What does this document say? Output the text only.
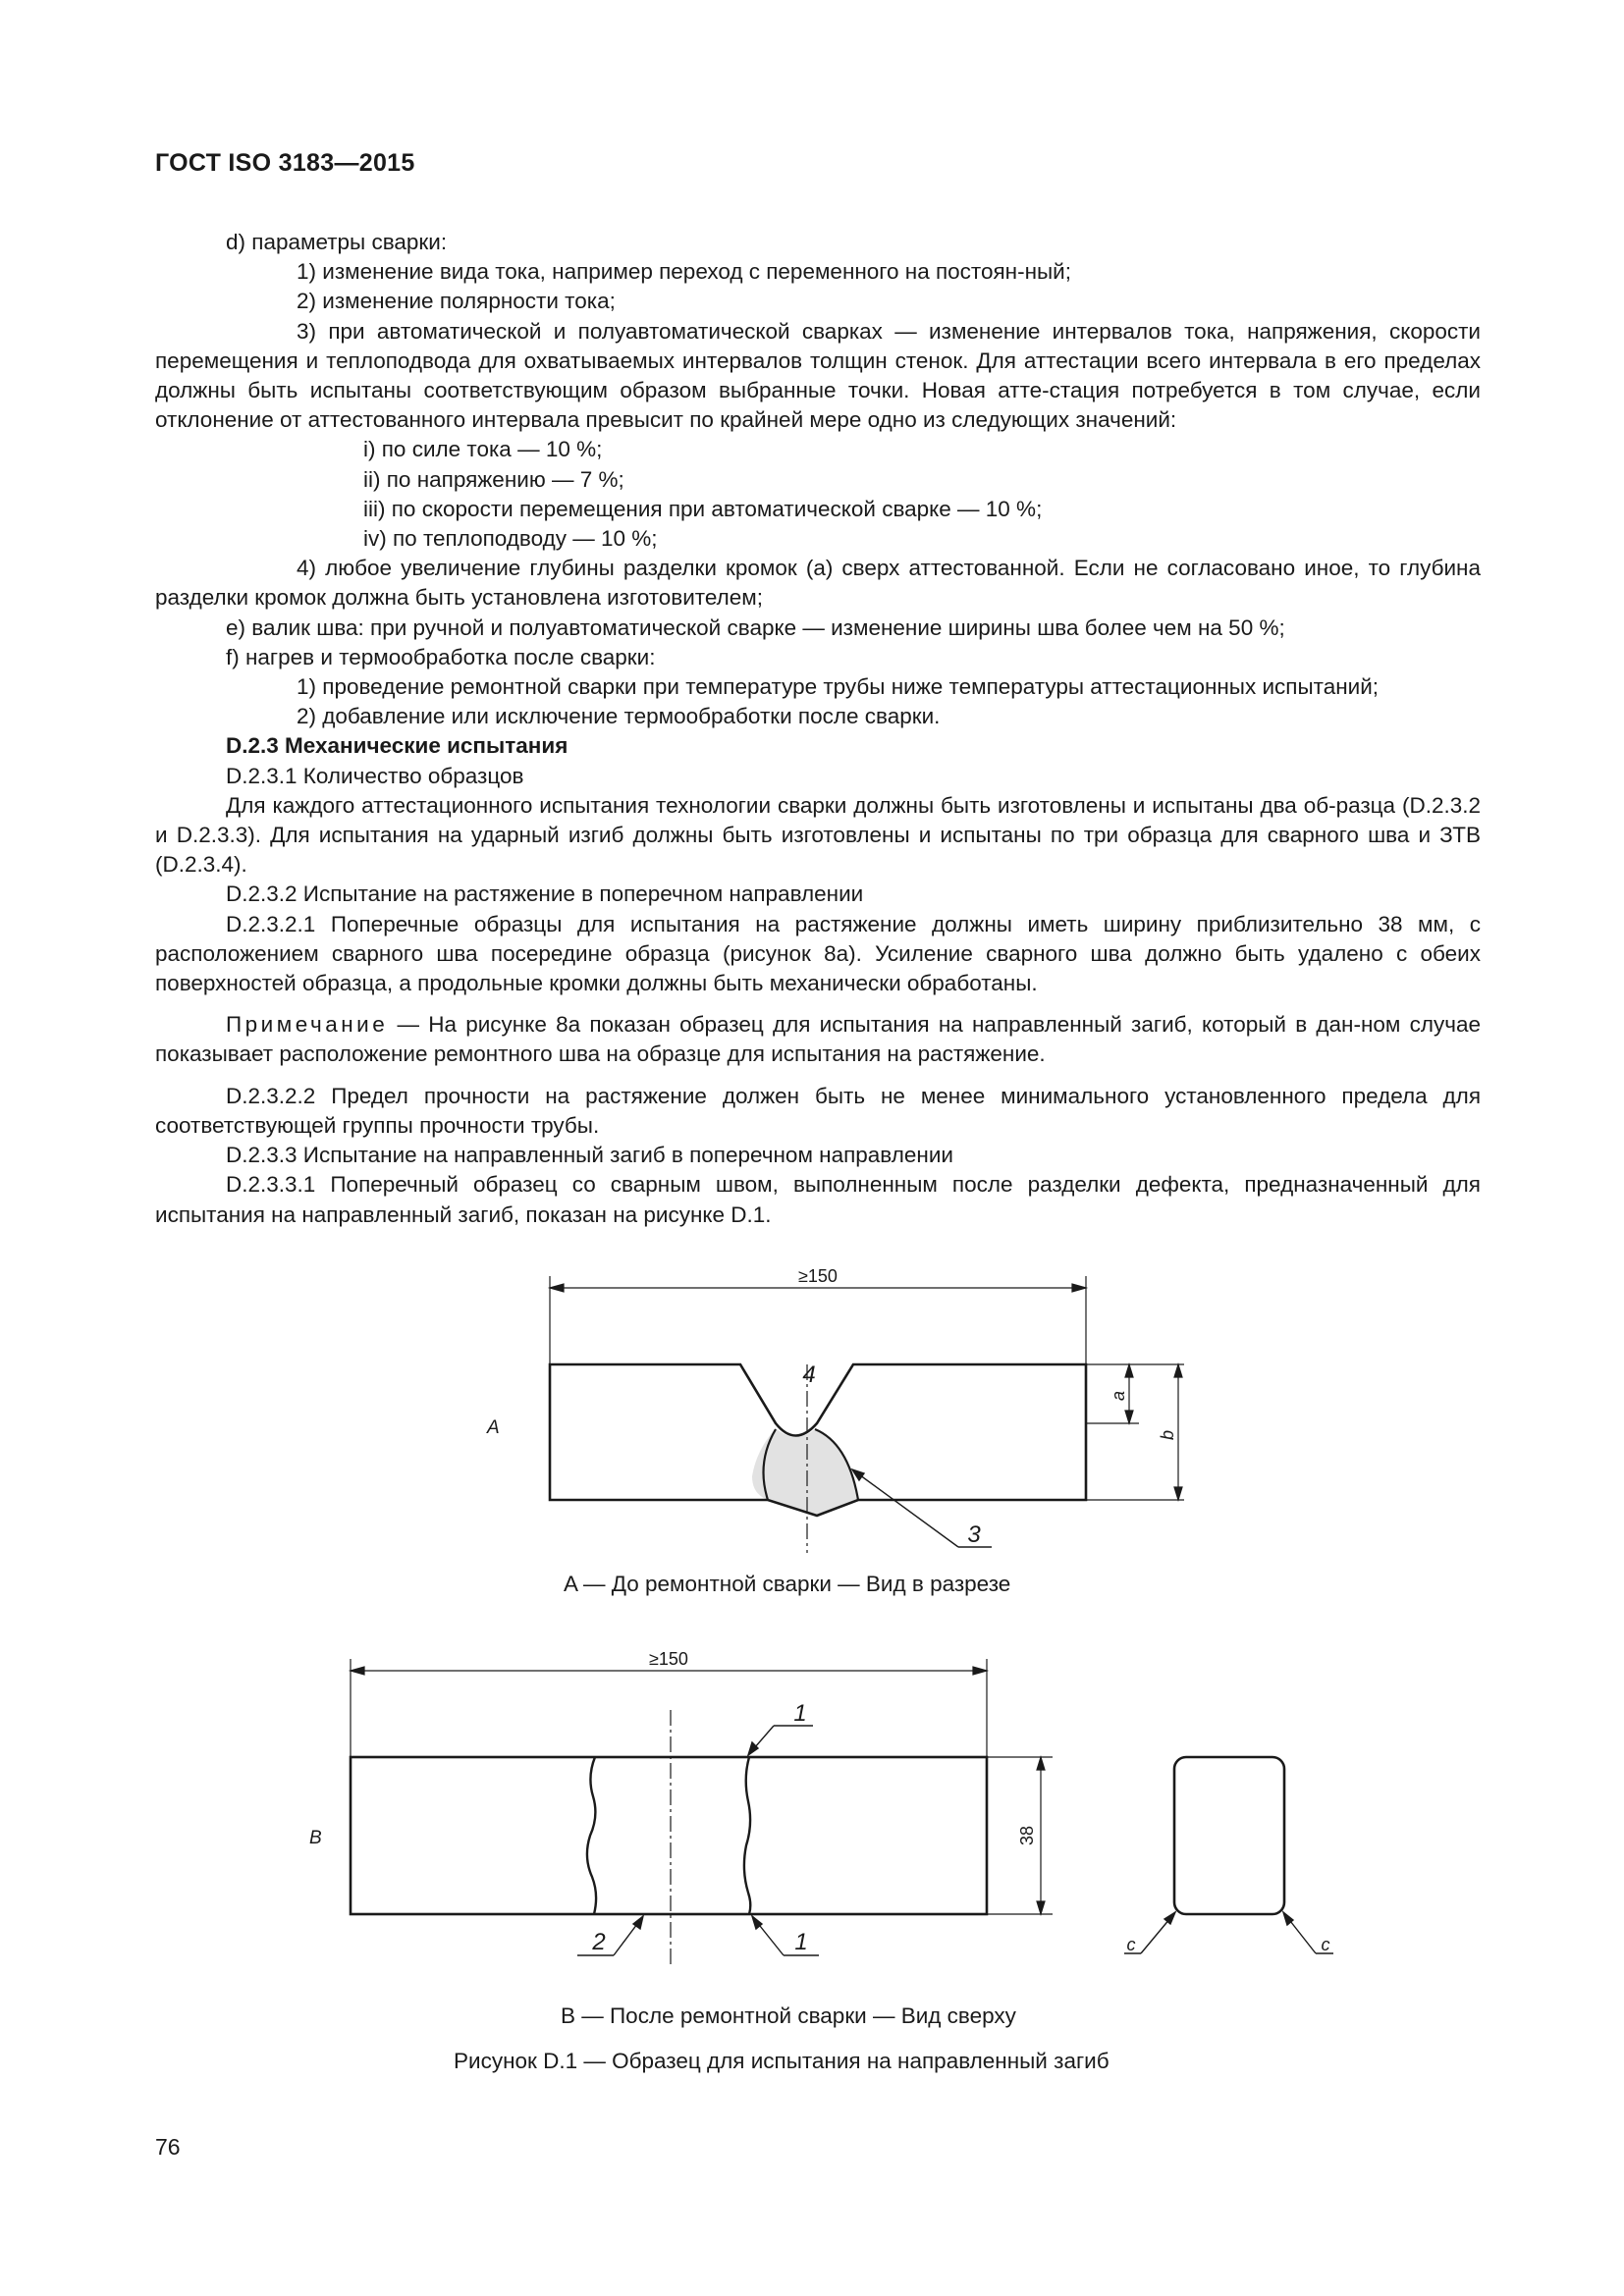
ГОСТ ISO 3183—2015

d) параметры сварки:

1) изменение вида тока, например переход с переменного на постоян-ный;

2) изменение полярности тока;

3) при автоматической и полуавтоматической сварках — изменение интервалов тока, напряжения, скорости перемещения и теплоподвода для охватываемых интервалов толщин стенок. Для аттестации всего интервала в его пределах должны быть испытаны соответствующим образом выбранные точки. Новая атте-стация потребуется в том случае, если отклонение от аттестованного интервала превысит по крайней мере одно из следующих значений:

i) по силе тока — 10 %;

ii) по напряжению — 7 %;

iii) по скорости перемещения при автоматической сварке — 10 %;

iv) по теплоподводу — 10 %;

4) любое увеличение глубины разделки кромок (a) сверх аттестованной. Если не согласовано иное, то глубина разделки кромок должна быть установлена изготовителем;

e) валик шва: при ручной и полуавтоматической сварке — изменение ширины шва более чем на 50 %;

f) нагрев и термообработка после сварки:

1) проведение ремонтной сварки при температуре трубы ниже температуры аттестационных испытаний;

2) добавление или исключение термообработки после сварки.

D.2.3 Механические испытания

D.2.3.1 Количество образцов

Для каждого аттестационного испытания технологии сварки должны быть изготовлены и испытаны два об-разца (D.2.3.2 и D.2.3.3). Для испытания на ударный изгиб должны быть изготовлены и испытаны по три образца для сварного шва и ЗТВ (D.2.3.4).

D.2.3.2 Испытание на растяжение в поперечном направлении

D.2.3.2.1 Поперечные образцы для испытания на растяжение должны иметь ширину приблизительно 38 мм, с расположением сварного шва посередине образца (рисунок 8а). Усиление сварного шва должно быть удалено с обеих поверхностей образца, а продольные кромки должны быть механически обработаны.

Примечание — На рисунке 8а показан образец для испытания на направленный загиб, который в дан-ном случае показывает расположение ремонтного шва на образце для испытания на растяжение.

D.2.3.2.2 Предел прочности на растяжение должен быть не менее минимального установленного предела для соответствующей группы прочности трубы.

D.2.3.3 Испытание на направленный загиб в поперечном направлении

D.2.3.3.1 Поперечный образец со сварным швом, выполненным после разделки дефекта, предназначенный для испытания на направленный загиб, показан на рисунке D.1.

≥150
a
b
A
4
3
A — До ремонтной сварки — Вид в разрезе
≥150
38
B
1
2	1	c	c
B — После ремонтной сварки — Вид сверху
Рисунок D.1 — Образец для испытания на направленный загиб
76
